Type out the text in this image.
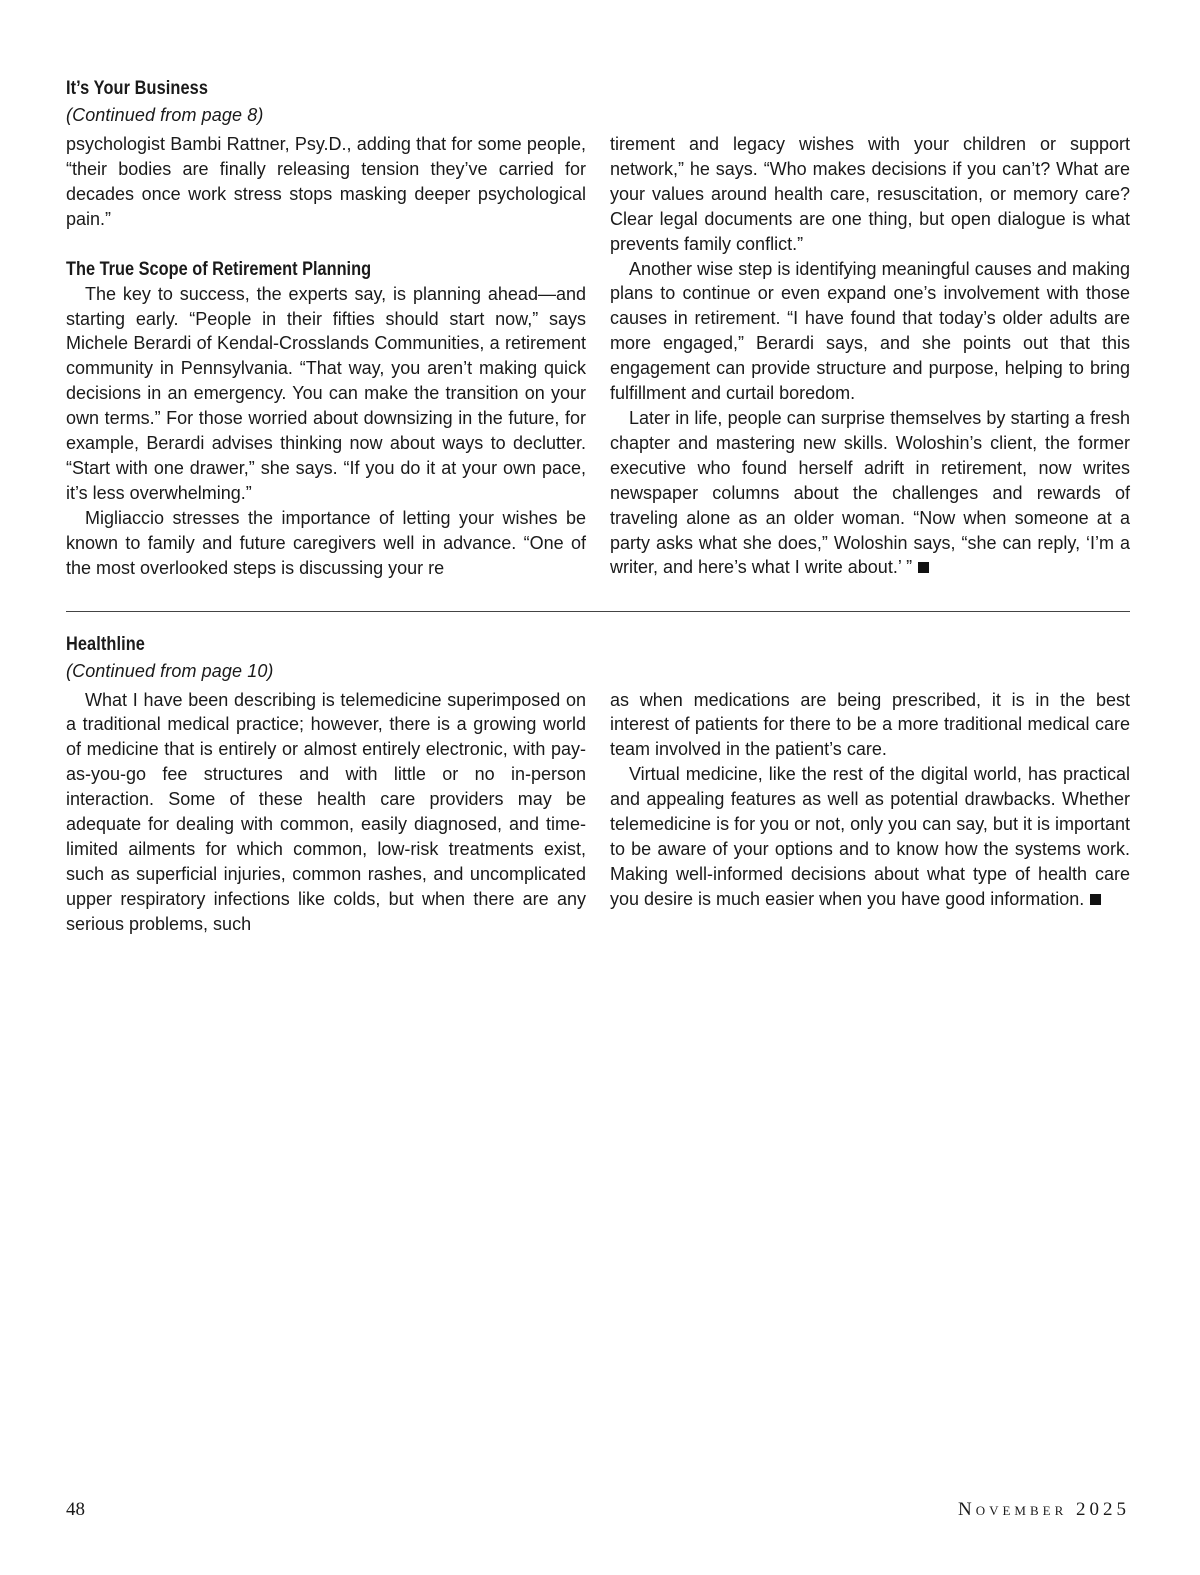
It’s Your Business
(Continued from page 8)

psychologist Bambi Rattner, Psy.D., adding that for some people, “their bodies are finally releasing tension they’ve carried for decades once work stress stops masking deeper psychological pain.”

The True Scope of Retirement Planning

The key to success, the experts say, is planning ahead—and starting early. “People in their fifties should start now,” says Michele Berardi of Kendal-Crosslands Communities, a retirement community in Pennsylvania. “That way, you aren’t making quick decisions in an emergency. You can make the transition on your own terms.” For those worried about downsizing in the future, for example, Berardi advises thinking now about ways to declutter. “Start with one drawer,” she says. “If you do it at your own pace, it’s less overwhelming.”

Migliaccio stresses the importance of letting your wishes be known to family and future caregivers well in advance. “One of the most overlooked steps is discussing your re

tirement and legacy wishes with your children or support network,” he says. “Who makes decisions if you can’t? What are your values around health care, resuscitation, or memory care? Clear legal documents are one thing, but open dialogue is what prevents family conflict.”

Another wise step is identifying meaningful causes and making plans to continue or even expand one’s involvement with those causes in retirement. “I have found that today’s older adults are more engaged,” Berardi says, and she points out that this engagement can provide structure and purpose, helping to bring fulfillment and curtail boredom.

Later in life, people can surprise themselves by starting a fresh chapter and mastering new skills. Woloshin’s client, the former executive who found herself adrift in retirement, now writes newspaper columns about the challenges and rewards of traveling alone as an older woman. “Now when someone at a party asks what she does,” Woloshin says, “she can reply, ‘I’m a writer, and here’s what I write about.’ ”

Healthline
(Continued from page 10)

What I have been describing is telemedicine superimposed on a traditional medical practice; however, there is a growing world of medicine that is entirely or almost entirely electronic, with pay-as-you-go fee structures and with little or no in-person interaction. Some of these health care providers may be adequate for dealing with common, easily diagnosed, and time-limited ailments for which common, low-risk treatments exist, such as superficial injuries, common rashes, and uncomplicated upper respiratory infections like colds, but when there are any serious problems, such

as when medications are being prescribed, it is in the best interest of patients for there to be a more traditional medical care team involved in the patient’s care.

Virtual medicine, like the rest of the digital world, has practical and appealing features as well as potential drawbacks. Whether telemedicine is for you or not, only you can say, but it is important to be aware of your options and to know how the systems work. Making well-informed decisions about what type of health care you desire is much easier when you have good information.

48	November 2025
